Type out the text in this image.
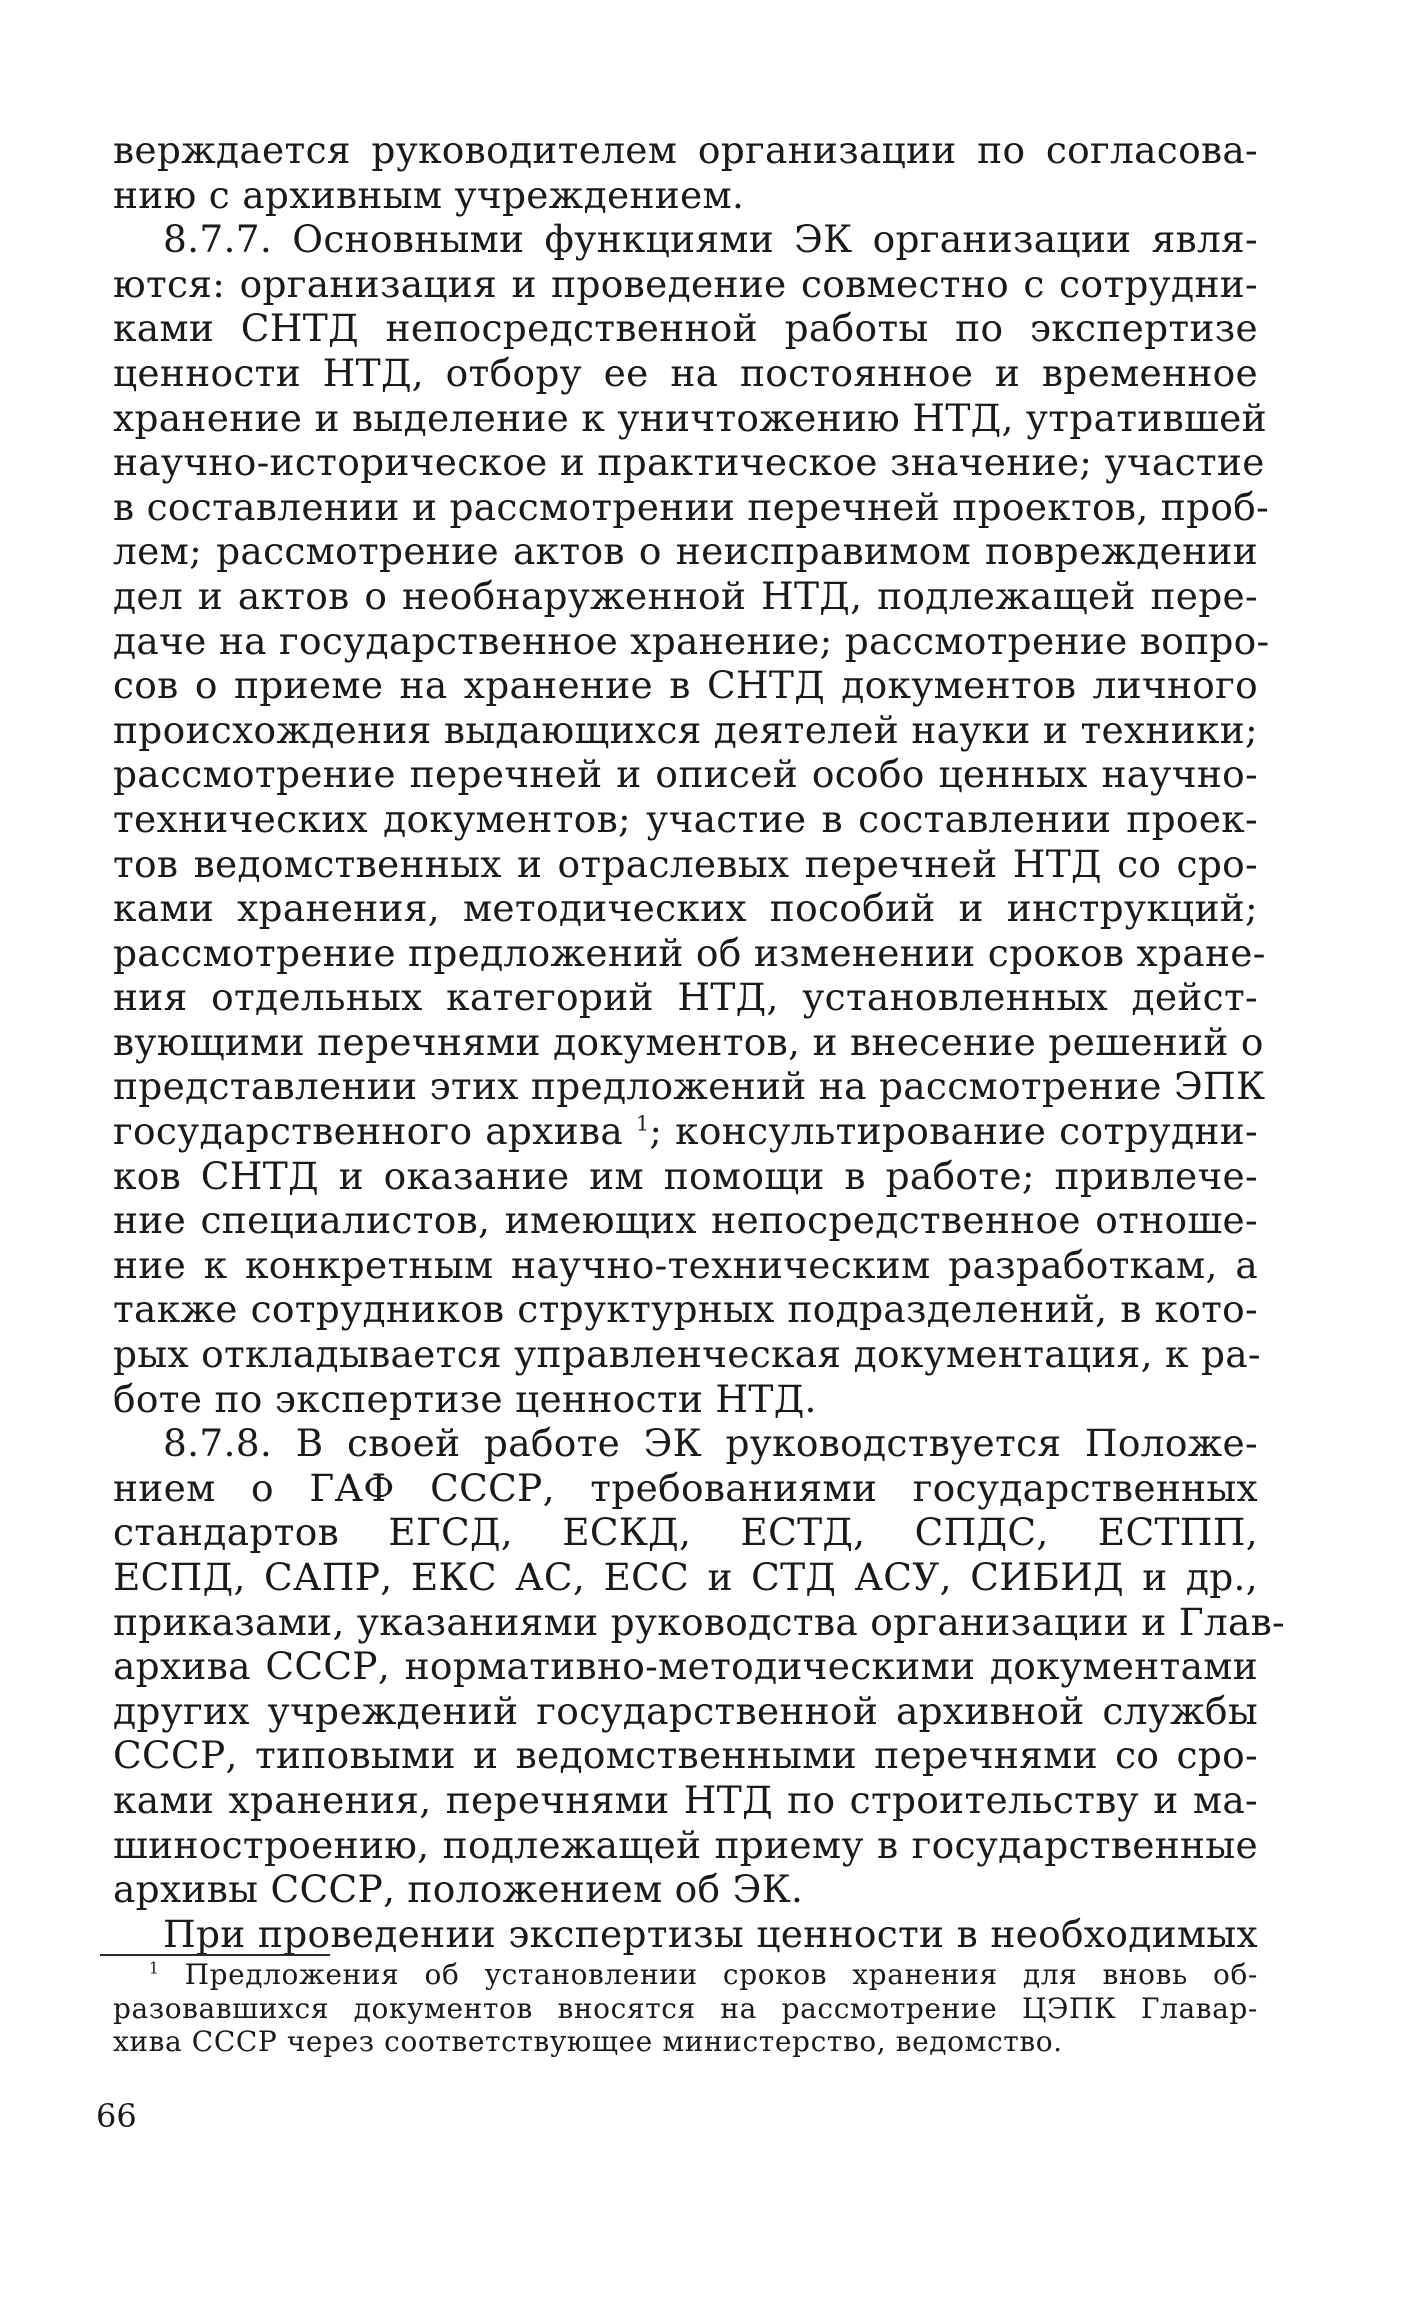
верждается руководителем организации по согласова-
нию с архивным учреждением.
8.7.7. Основными функциями ЭК организации явля-
ются: организация и проведение совместно с сотрудни-
ками СНТД непосредственной работы по экспертизе
ценности НТД, отбору ее на постоянное и временное
хранение и выделение к уничтожению НТД, утратившей
научно-историческое и практическое значение; участие
в составлении и рассмотрении перечней проектов, проб-
лем; рассмотрение актов о неисправимом повреждении
дел и актов о необнаруженной НТД, подлежащей пере-
даче на государственное хранение; рассмотрение вопро-
сов о приеме на хранение в СНТД документов личного
происхождения выдающихся деятелей науки и техники;
рассмотрение перечней и описей особо ценных научно-
технических документов; участие в составлении проек-
тов ведомственных и отраслевых перечней НТД со сро-
ками хранения, методических пособий и инструкций;
рассмотрение предложений об изменении сроков хране-
ния отдельных категорий НТД, установленных дейст-
вующими перечнями документов, и внесение решений о
представлении этих предложений на рассмотрение ЭПК
государственного архива $^1$; консультирование сотрудни-
ков СНТД и оказание им помощи в работе; привлече-
ние специалистов, имеющих непосредственное отноше-
ние к конкретным научно-техническим разработкам, а
также сотрудников структурных подразделений, в кото-
рых откладывается управленческая документация, к ра-
боте по экспертизе ценности НТД.
8.7.8. В своей работе ЭК руководствуется Положе-
нием о ГАФ СССР, требованиями государственных
стандартов ЕГСД, ЕСКД, ЕСТД, СПДС, ЕСТПП,
ЕСПД, САПР, ЕКС АС, ЕСС и СТД АСУ, СИБИД и др.,
приказами, указаниями руководства организации и Глав-
архива СССР, нормативно-методическими документами
других учреждений государственной архивной службы
СССР, типовыми и ведомственными перечнями со сро-
ками хранения, перечнями НТД по строительству и ма-
шиностроению, подлежащей приему в государственные
архивы СССР, положением об ЭК.
При проведении экспертизы ценности в необходимых
$^1$ Предложения об установлении сроков хранения для вновь об-
разовавшихся документов вносятся на рассмотрение ЦЭПК Главар-
хива СССР через соответствующее министерство, ведомство.
66
